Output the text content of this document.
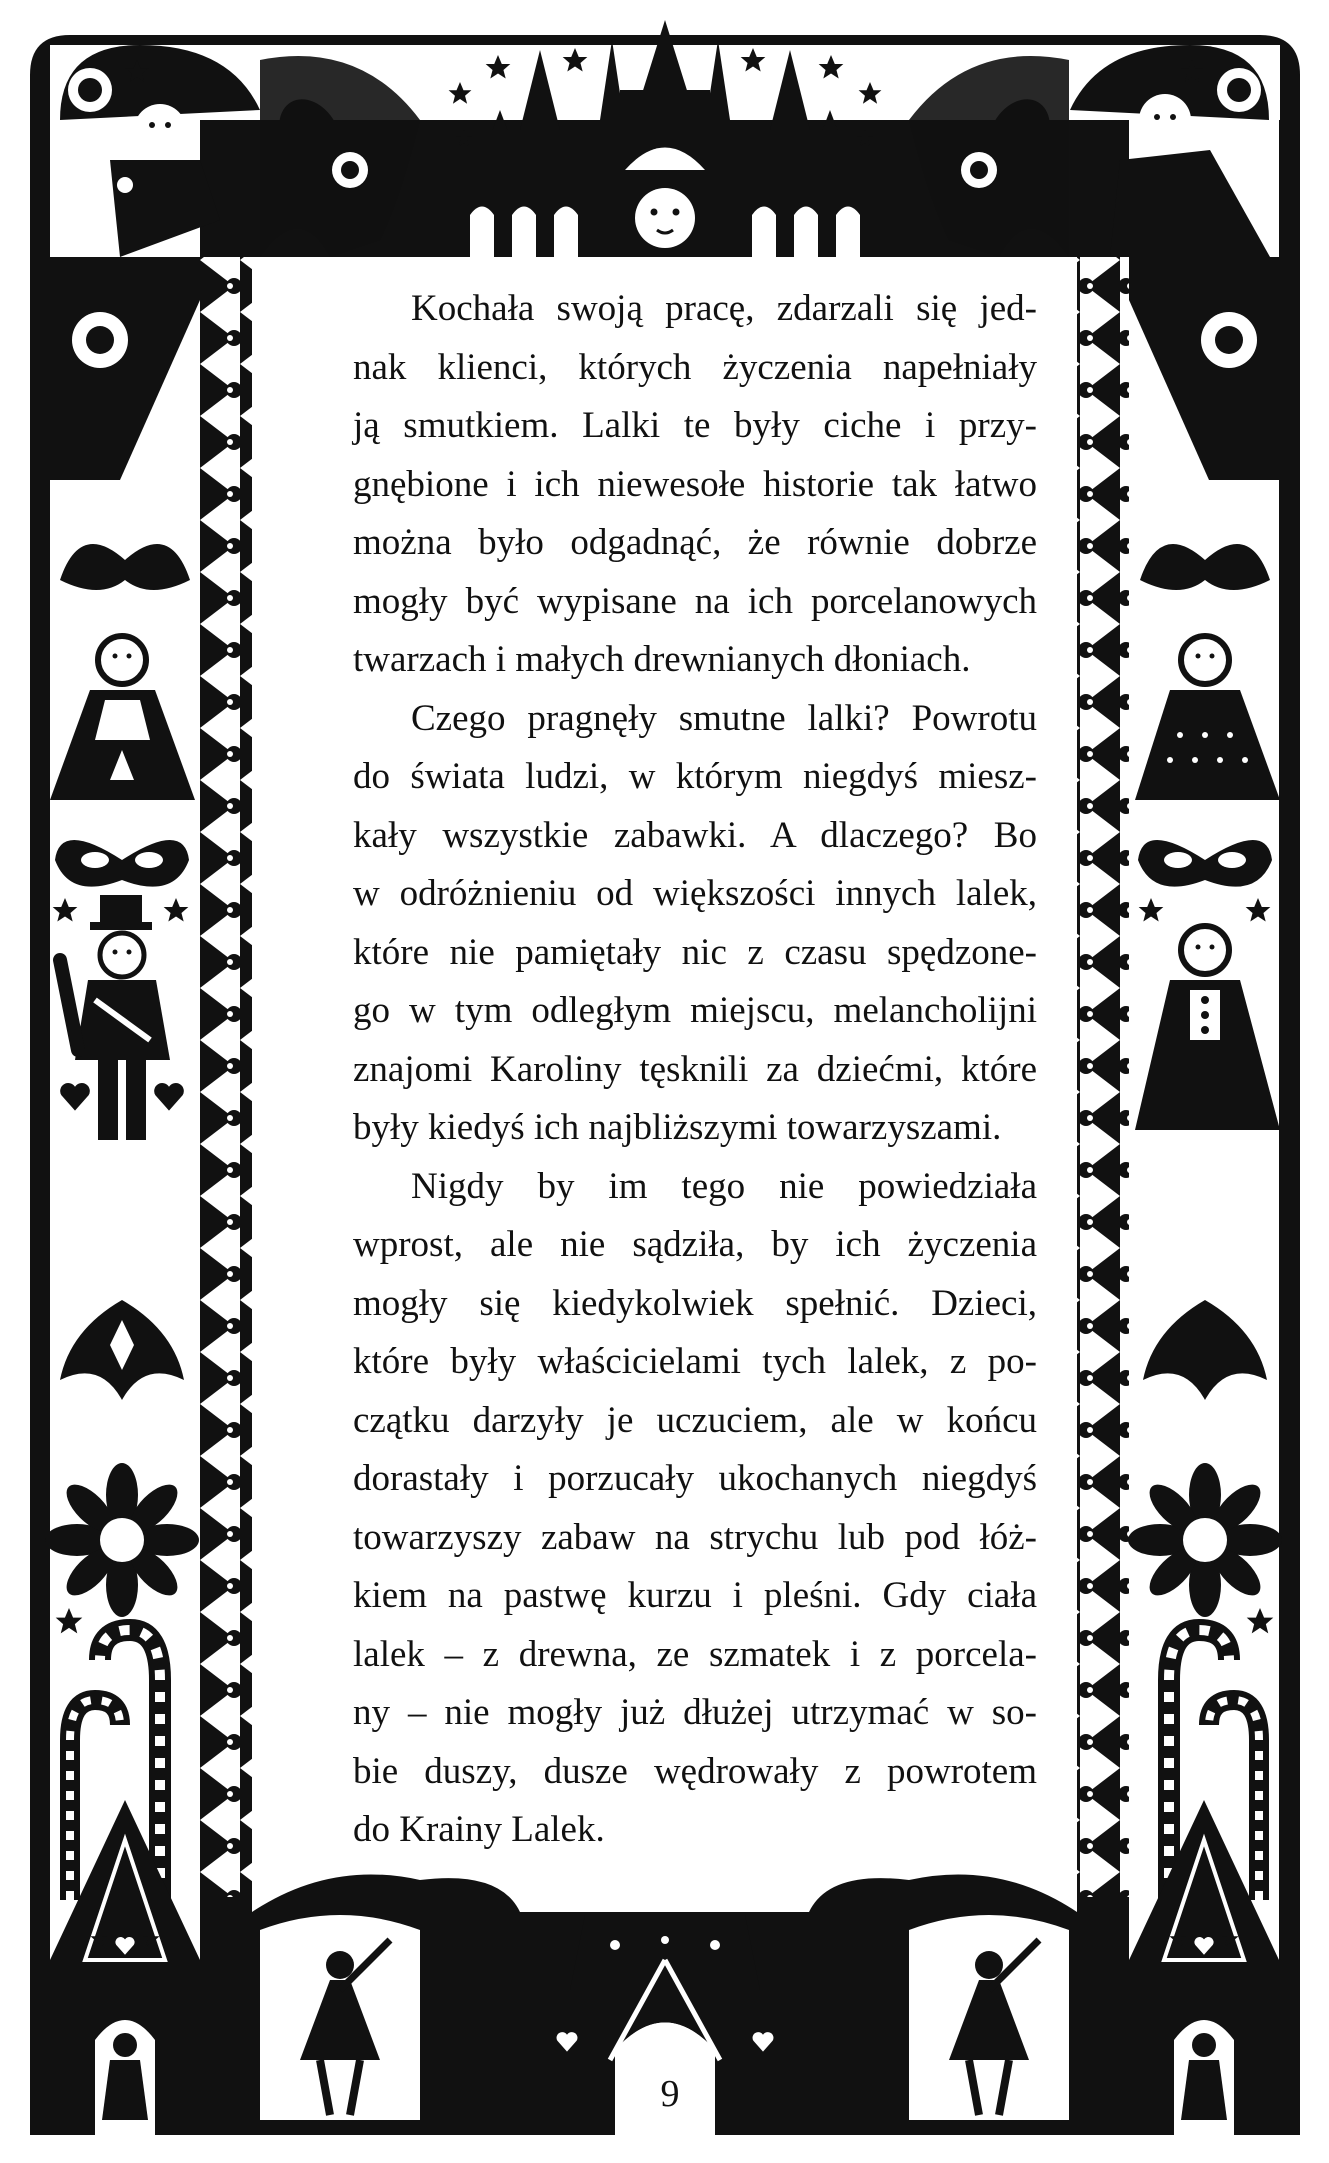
Kochała swoją pracę, zdarzali się jed-
nak klienci, których życzenia napełniały
ją smutkiem. Lalki te były ciche i przy-
gnębione i ich niewesołe historie tak łatwo
można było odgadnąć, że równie dobrze
mogły być wypisane na ich porcelanowych
twarzach i małych drewnianych dłoniach.
Czego pragnęły smutne lalki? Powrotu
do świata ludzi, w którym niegdyś miesz-
kały wszystkie zabawki. A dlaczego? Bo
w odróżnieniu od większości innych lalek,
które nie pamiętały nic z czasu spędzone-
go w tym odległym miejscu, melancholijni
znajomi Karoliny tęsknili za dziećmi, które
były kiedyś ich najbliższymi towarzyszami.
Nigdy by im tego nie powiedziała
wprost, ale nie sądziła, by ich życzenia
mogły się kiedykolwiek spełnić. Dzieci,
które były właścicielami tych lalek, z po-
czątku darzyły je uczuciem, ale w końcu
dorastały i porzucały ukochanych niegdyś
towarzyszy zabaw na strychu lub pod łóż-
kiem na pastwę kurzu i pleśni. Gdy ciała
lalek – z drewna, ze szmatek i z porcela-
ny – nie mogły już dłużej utrzymać w so-
bie duszy, dusze wędrowały z powrotem
do Krainy Lalek.
9
